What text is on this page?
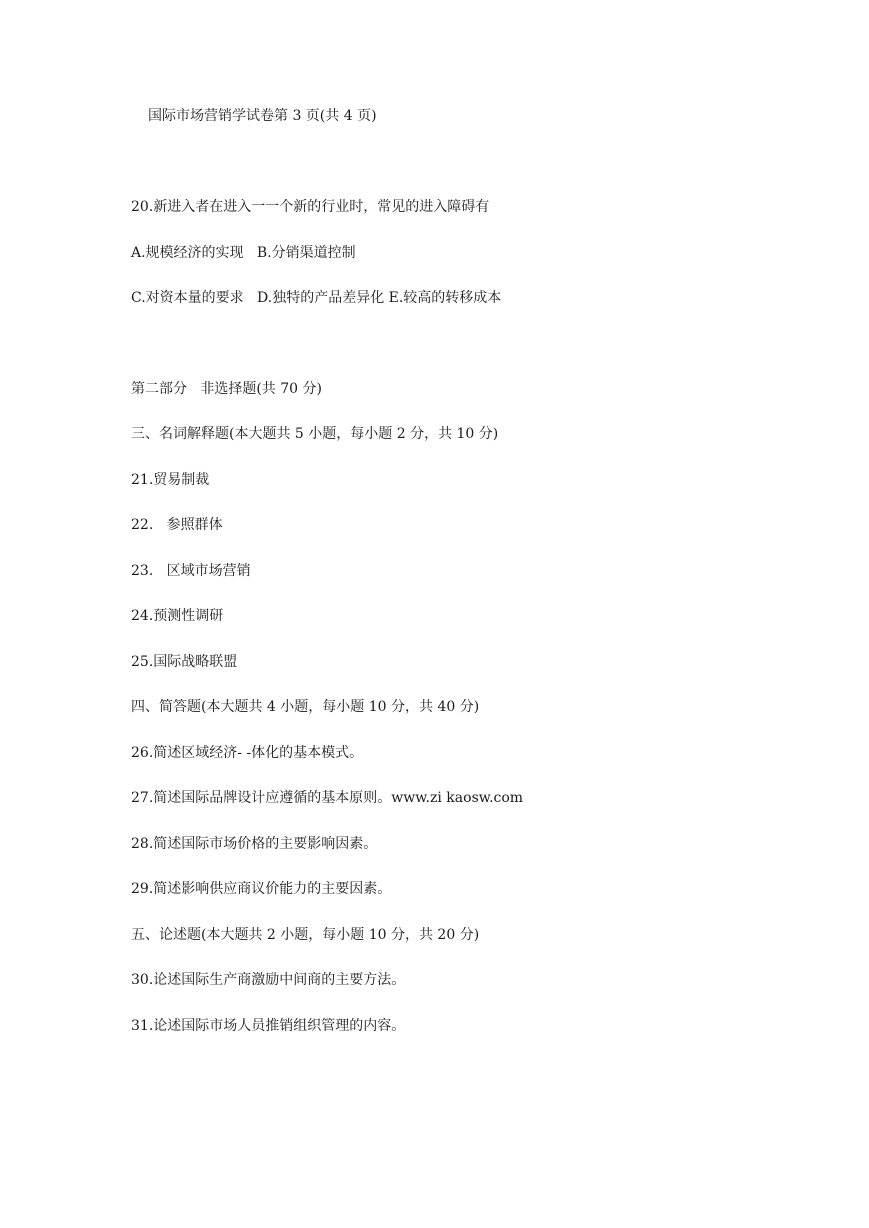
国际市场营销学试卷第 3 页(共 4 页)
20.新进入者在进入一一个新的行业时，常见的进入障碍有
A.规模经济的实现   B.分销渠道控制
C.对资本量的要求   D.独特的产品差异化 E.较高的转移成本
第二部分   非选择题(共 70 分)
三、名词解释题(本大题共 5 小题，每小题 2 分，共 10 分)
21.贸易制裁
22.   参照群体
23.   区域市场营销
24.预测性调研
25.国际战略联盟
四、简答题(本大题共 4 小题，每小题 10 分，共 40 分)
26.简述区域经济- -体化的基本模式。
27.简述国际品牌设计应遵循的基本原则。www.zi kaosw.com
28.简述国际市场价格的主要影响因素。
29.简述影响供应商议价能力的主要因素。
五、论述题(本大题共 2 小题，每小题 10 分，共 20 分)
30.论述国际生产商激励中间商的主要方法。
31.论述国际市场人员推销组织管理的内容。
